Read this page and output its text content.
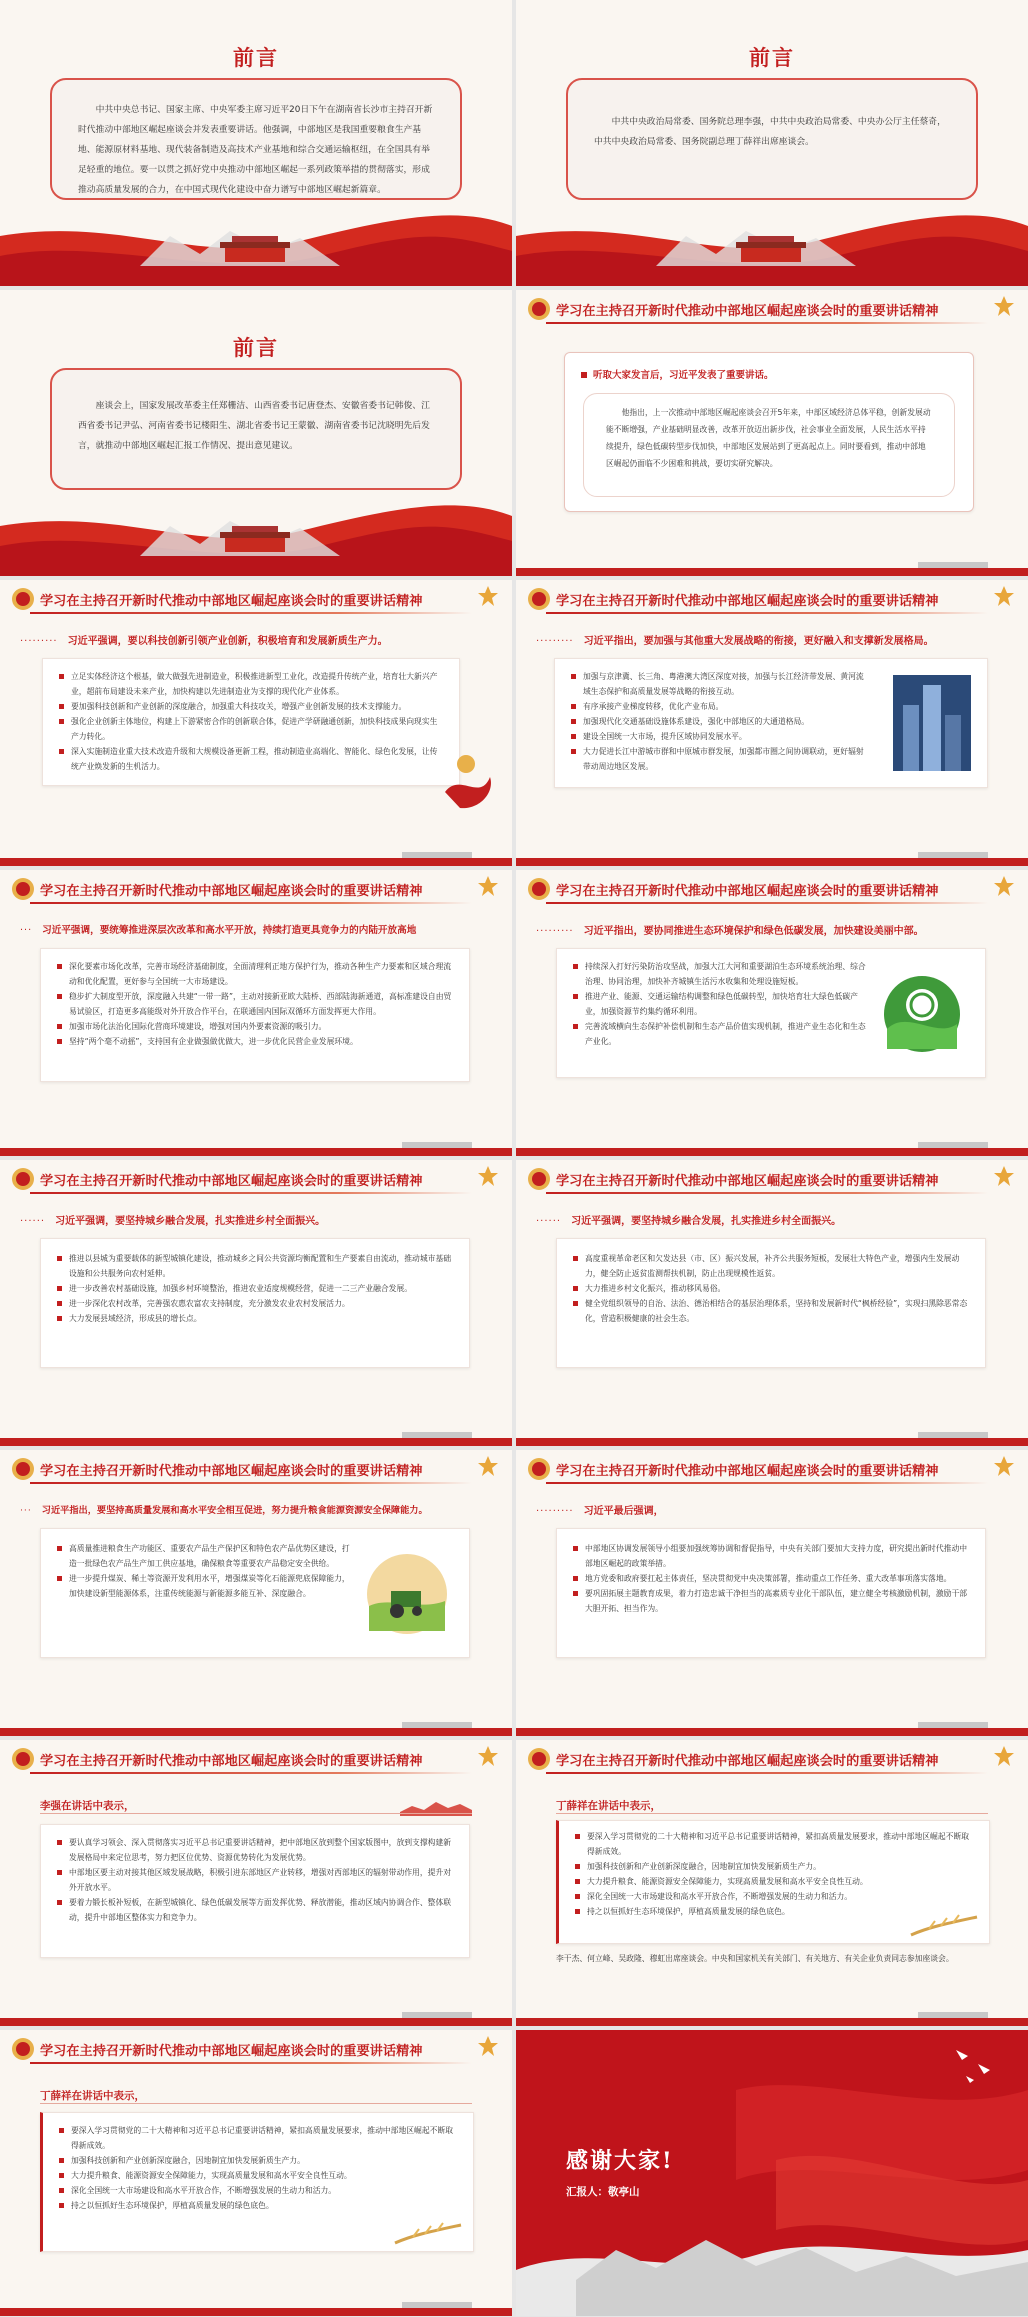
前言

中共中央总书记、国家主席、中央军委主席习近平20日下午在湖南省长沙市主持召开新时代推动中部地区崛起座谈会并发表重要讲话。他强调，中部地区是我国重要粮食生产基地、能源原材料基地、现代装备制造及高技术产业基地和综合交通运输枢纽，在全国具有举足轻重的地位。要一以贯之抓好党中央推动中部地区崛起一系列政策举措的贯彻落实，形成推动高质量发展的合力，在中国式现代化建设中奋力谱写中部地区崛起新篇章。

前言

中共中央政治局常委、国务院总理李强，中共中央政治局常委、中央办公厅主任蔡奇，中共中央政治局常委、国务院副总理丁薛祥出席座谈会。

前言

座谈会上，国家发展改革委主任郑栅洁、山西省委书记唐登杰、安徽省委书记韩俊、江西省委书记尹弘、河南省委书记楼阳生、湖北省委书记王蒙徽、湖南省委书记沈晓明先后发言，就推动中部地区崛起汇报工作情况、提出意见建议。

学习在主持召开新时代推动中部地区崛起座谈会时的重要讲话精神
听取大家发言后，习近平发表了重要讲话。

他指出，上一次推动中部地区崛起座谈会召开5年来，中部区域经济总体平稳，创新发展动能不断增强，产业基础明显改善，改革开放迈出新步伐，社会事业全面发展，人民生活水平持续提升，绿色低碳转型步伐加快，中部地区发展站到了更高起点上。同时要看到，推动中部地区崛起仍面临不少困难和挑战，要切实研究解决。

学习在主持召开新时代推动中部地区崛起座谈会时的重要讲话精神
········· 习近平强调，要以科技创新引领产业创新，积极培育和发展新质生产力。
立足实体经济这个根基，做大做强先进制造业，积极推进新型工业化，改造提升传统产业，培育壮大新兴产业，超前布局建设未来产业，加快构建以先进制造业为支撑的现代化产业体系。
要加强科技创新和产业创新的深度融合，加强重大科技攻关，增强产业创新发展的技术支撑能力。
强化企业创新主体地位，构建上下游紧密合作的创新联合体，促进产学研融通创新，加快科技成果向现实生产力转化。
深入实施制造业重大技术改造升级和大规模设备更新工程，推动制造业高端化、智能化、绿色化发展，让传统产业焕发新的生机活力。
学习在主持召开新时代推动中部地区崛起座谈会时的重要讲话精神
········· 习近平指出，要加强与其他重大发展战略的衔接，更好融入和支撑新发展格局。
加强与京津冀、长三角、粤港澳大湾区深度对接，加强与长江经济带发展、黄河流域生态保护和高质量发展等战略的衔接互动。
有序承接产业梯度转移，优化产业布局。
加强现代化交通基础设施体系建设，强化中部地区的大通道格局。
建设全国统一大市场，提升区域协同发展水平。
大力促进长江中游城市群和中原城市群发展，加强都市圈之间协调联动，更好辐射带动周边地区发展。
学习在主持召开新时代推动中部地区崛起座谈会时的重要讲话精神
··· 习近平强调，要统筹推进深层次改革和高水平开放，持续打造更具竞争力的内陆开放高地
深化要素市场化改革，完善市场经济基础制度，全面清理利正地方保护行为，推动各种生产力要素和区域合理流动和优化配置，更好参与全国统一大市场建设。
稳步扩大制度型开放，深度融入共建“一带一路”，主动对接新亚欧大陆桥、西部陆海新通道，高标准建设自由贸易试验区，打造更多高能级对外开放合作平台，在联通国内国际双循环方面发挥更大作用。
加强市场化法治化国际化营商环境建设，增强对国内外要素资源的吸引力。
坚持“两个毫不动摇”，支持国有企业做强做优做大，进一步优化民营企业发展环境。
学习在主持召开新时代推动中部地区崛起座谈会时的重要讲话精神
········· 习近平指出，要协同推进生态环境保护和绿色低碳发展，加快建设美丽中部。
持续深入打好污染防治攻坚战，加强大江大河和重要湖泊生态环境系统治理、综合治理、协同治理，加快补齐城镇生活污水收集和处理设施短板。
推进产业、能源、交通运输结构调整和绿色低碳转型，加快培育壮大绿色低碳产业，加强资源节约集约循环利用。
完善流域横向生态保护补偿机制和生态产品价值实现机制，推进产业生态化和生态产业化。
学习在主持召开新时代推动中部地区崛起座谈会时的重要讲话精神
······ 习近平强调，要坚持城乡融合发展，扎实推进乡村全面振兴。
推进以县城为重要载体的新型城镇化建设，推动城乡之间公共资源均衡配置和生产要素自由流动，推动城市基础设施和公共服务向农村延伸。
进一步改善农村基础设施，加强乡村环境整治，推进农业适度规模经营，促进一二三产业融合发展。
进一步深化农村改革，完善强农惠农富农支持制度，充分激发农业农村发展活力。
大力发展县域经济，形成县的增长点。
学习在主持召开新时代推动中部地区崛起座谈会时的重要讲话精神
······ 习近平强调，要坚持城乡融合发展，扎实推进乡村全面振兴。
高度重视革命老区和欠发达县（市、区）振兴发展，补齐公共服务短板，发展壮大特色产业，增强内生发展动力，健全防止返贫监测帮扶机制，防止出现规模性返贫。
大力推进乡村文化振兴，推动移风易俗。
健全党组织领导的自治、法治、德治相结合的基层治理体系，坚持和发展新时代“枫桥经验”，实现扫黑除恶常态化，营造积极健康的社会生态。
学习在主持召开新时代推动中部地区崛起座谈会时的重要讲话精神
··· 习近平指出，要坚持高质量发展和高水平安全相互促进，努力提升粮食能源资源安全保障能力。
高质量推进粮食生产功能区、重要农产品生产保护区和特色农产品优势区建设，打造一批绿色农产品生产加工供应基地，确保粮食等重要农产品稳定安全供给。
进一步提升煤炭、稀土等资源开发利用水平，增强煤炭等化石能源兜底保障能力，加快建设新型能源体系，注重传统能源与新能源多能互补、深度融合。
学习在主持召开新时代推动中部地区崛起座谈会时的重要讲话精神
········· 习近平最后强调，
中部地区协调发展领导小组要加强统筹协调和督促指导，中央有关部门要加大支持力度，研究提出新时代推动中部地区崛起的政策举措。
地方党委和政府要扛起主体责任，坚决贯彻党中央决策部署，推动重点工作任务、重大改革事项落实落地。
要巩固拓展主题教育成果，着力打造忠诚干净担当的高素质专业化干部队伍，建立健全考核激励机制，激励干部大胆开拓、担当作为。
学习在主持召开新时代推动中部地区崛起座谈会时的重要讲话精神
李强在讲话中表示，
要认真学习领会、深入贯彻落实习近平总书记重要讲话精神，把中部地区放到整个国家版图中，放到支撑构建新发展格局中来定位思考，努力把区位优势、资源优势转化为发展优势。
中部地区要主动对接其他区域发展战略，积极引进东部地区产业转移，增强对西部地区的辐射带动作用，提升对外开放水平。
要着力锻长板补短板，在新型城镇化、绿色低碳发展等方面发挥优势、释放潜能，推动区域内协调合作、整体联动，提升中部地区整体实力和竞争力。
学习在主持召开新时代推动中部地区崛起座谈会时的重要讲话精神
丁薛祥在讲话中表示，
要深入学习贯彻党的二十大精神和习近平总书记重要讲话精神，紧扣高质量发展要求，推动中部地区崛起不断取得新成效。
加强科技创新和产业创新深度融合，因地制宜加快发展新质生产力。
大力提升粮食、能源资源安全保障能力，实现高质量发展和高水平安全良性互动。
深化全国统一大市场建设和高水平开放合作，不断增强发展的生动力和活力。
持之以恒抓好生态环境保护，厚植高质量发展的绿色底色。
李干杰、何立峰、吴政隆、穆虹出席座谈会。中央和国家机关有关部门、有关地方、有关企业负责同志参加座谈会。
学习在主持召开新时代推动中部地区崛起座谈会时的重要讲话精神
丁薛祥在讲话中表示，
要深入学习贯彻党的二十大精神和习近平总书记重要讲话精神，紧扣高质量发展要求，推动中部地区崛起不断取得新成效。
加强科技创新和产业创新深度融合，因地制宜加快发展新质生产力。
大力提升粮食、能源资源安全保障能力，实现高质量发展和高水平安全良性互动。
深化全国统一大市场建设和高水平开放合作，不断增强发展的生动力和活力。
持之以恒抓好生态环境保护，厚植高质量发展的绿色底色。
感谢大家!
汇报人：敬亭山
